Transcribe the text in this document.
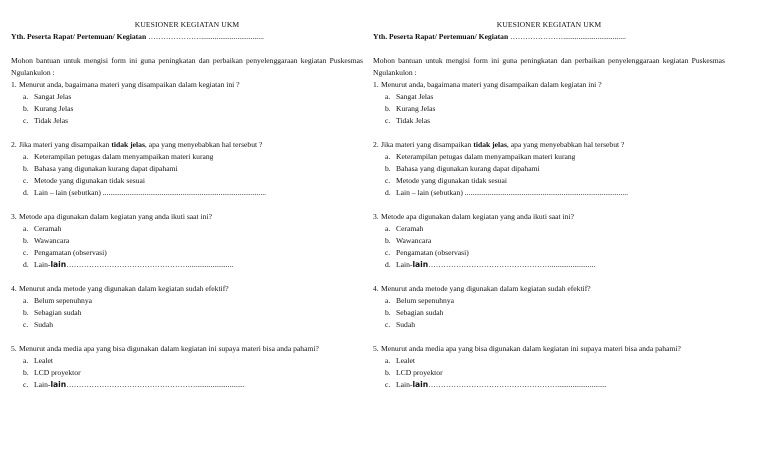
KUESIONER KEGIATAN UKM
Yth. Peserta Rapat/ Pertemuan/ Kegiatan ………………….................................
Mohon bantuan untuk mengisi form ini guna peningkatan dan perbaikan penyelenggaraan kegiatan Puskesmas Ngulankulon :
1. Menurut anda, bagaimana materi yang disampaikan dalam kegiatan ini ?
a. Sangat Jelas
b. Kurang Jelas
c. Tidak Jelas
2. Jika materi yang disampaikan tidak jelas, apa yang menyebabkan hal tersebut ?
a. Keterampilan petugas dalam menyampaikan materi kurang
b. Bahasa yang digunakan kurang dapat dipahami
c. Metode yang digunakan tidak sesuai
d. Lain – lain (sebutkan) ......................................................................................
3. Metode apa digunakan dalam kegiatan yang anda ikuti saat ini?
a. Ceramah
b. Wawancara
c. Pengamatan (observasi)
d. Lain-lain…………………………………………........................
4. Menurut anda metode yang digunakan dalam kegiatan sudah efektif?
a. Belum sepenuhnya
b. Sebagian sudah
c. Sudah
5. Menurut anda media apa yang bisa digunakan dalam kegiatan ini supaya materi bisa anda pahami?
a. Lealet
b. LCD proyektor
c. Lain-lain……………………………………………..........................
KUESIONER KEGIATAN UKM
Yth. Peserta Rapat/ Pertemuan/ Kegiatan ………………….................................
Mohon bantuan untuk mengisi form ini guna peningkatan dan perbaikan penyelenggaraan kegiatan Puskesmas Ngulankulon :
1. Menurut anda, bagaimana materi yang disampaikan dalam kegiatan ini ?
a. Sangat Jelas
b. Kurang Jelas
c. Tidak Jelas
2. Jika materi yang disampaikan tidak jelas, apa yang menyebabkan hal tersebut ?
a. Keterampilan petugas dalam menyampaikan materi kurang
b. Bahasa yang digunakan kurang dapat dipahami
c. Metode yang digunakan tidak sesuai
d. Lain – lain (sebutkan) ......................................................................................
3. Metode apa digunakan dalam kegiatan yang anda ikuti saat ini?
a. Ceramah
b. Wawancara
c. Pengamatan (observasi)
d. Lain-lain…………………………………………........................
4. Menurut anda metode yang digunakan dalam kegiatan sudah efektif?
a. Belum sepenuhnya
b. Sebagian sudah
c. Sudah
5. Menurut anda media apa yang bisa digunakan dalam kegiatan ini supaya materi bisa anda pahami?
a. Lealet
b. LCD proyektor
c. Lain-lain……………………………………………..........................
